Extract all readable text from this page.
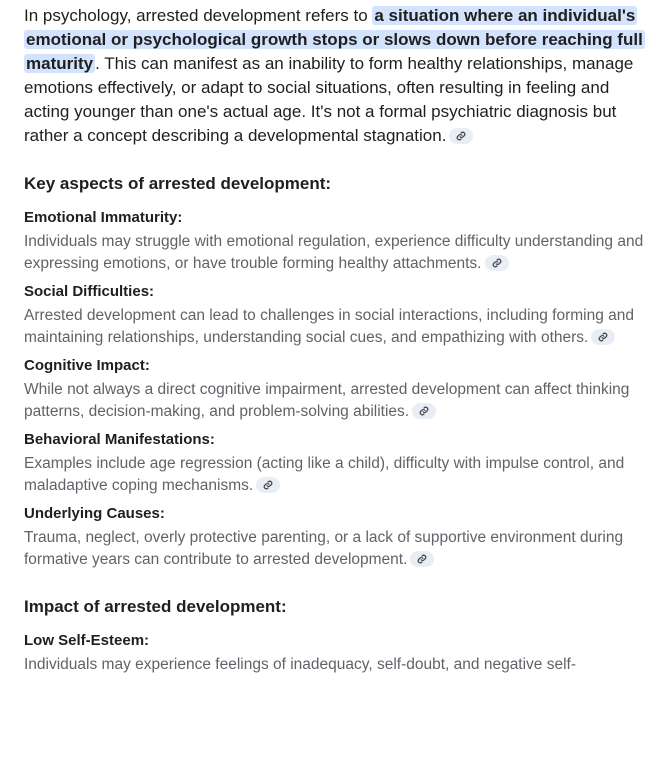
In psychology, arrested development refers to a situation where an individual's emotional or psychological growth stops or slows down before reaching full maturity . This can manifest as an inability to form healthy relationships, manage emotions effectively, or adapt to social situations, often resulting in feeling and acting younger than one's actual age. It's not a formal psychiatric diagnosis but rather a concept describing a developmental stagnation.

Key aspects of arrested development:

Emotional Immaturity:

Individuals may struggle with emotional regulation, experience difficulty understanding and expressing emotions, or have trouble forming healthy attachments.

Social Difficulties:

Arrested development can lead to challenges in social interactions, including forming and maintaining relationships, understanding social cues, and empathizing with others.

Cognitive Impact:

While not always a direct cognitive impairment, arrested development can affect thinking patterns, decision-making, and problem-solving abilities.

Behavioral Manifestations:

Examples include age regression (acting like a child), difficulty with impulse control, and maladaptive coping mechanisms.

Underlying Causes:

Trauma, neglect, overly protective parenting, or a lack of supportive environment during formative years can contribute to arrested development.

Impact of arrested development:

Low Self-Esteem:

Individuals may experience feelings of inadequacy, self-doubt, and negative self-
